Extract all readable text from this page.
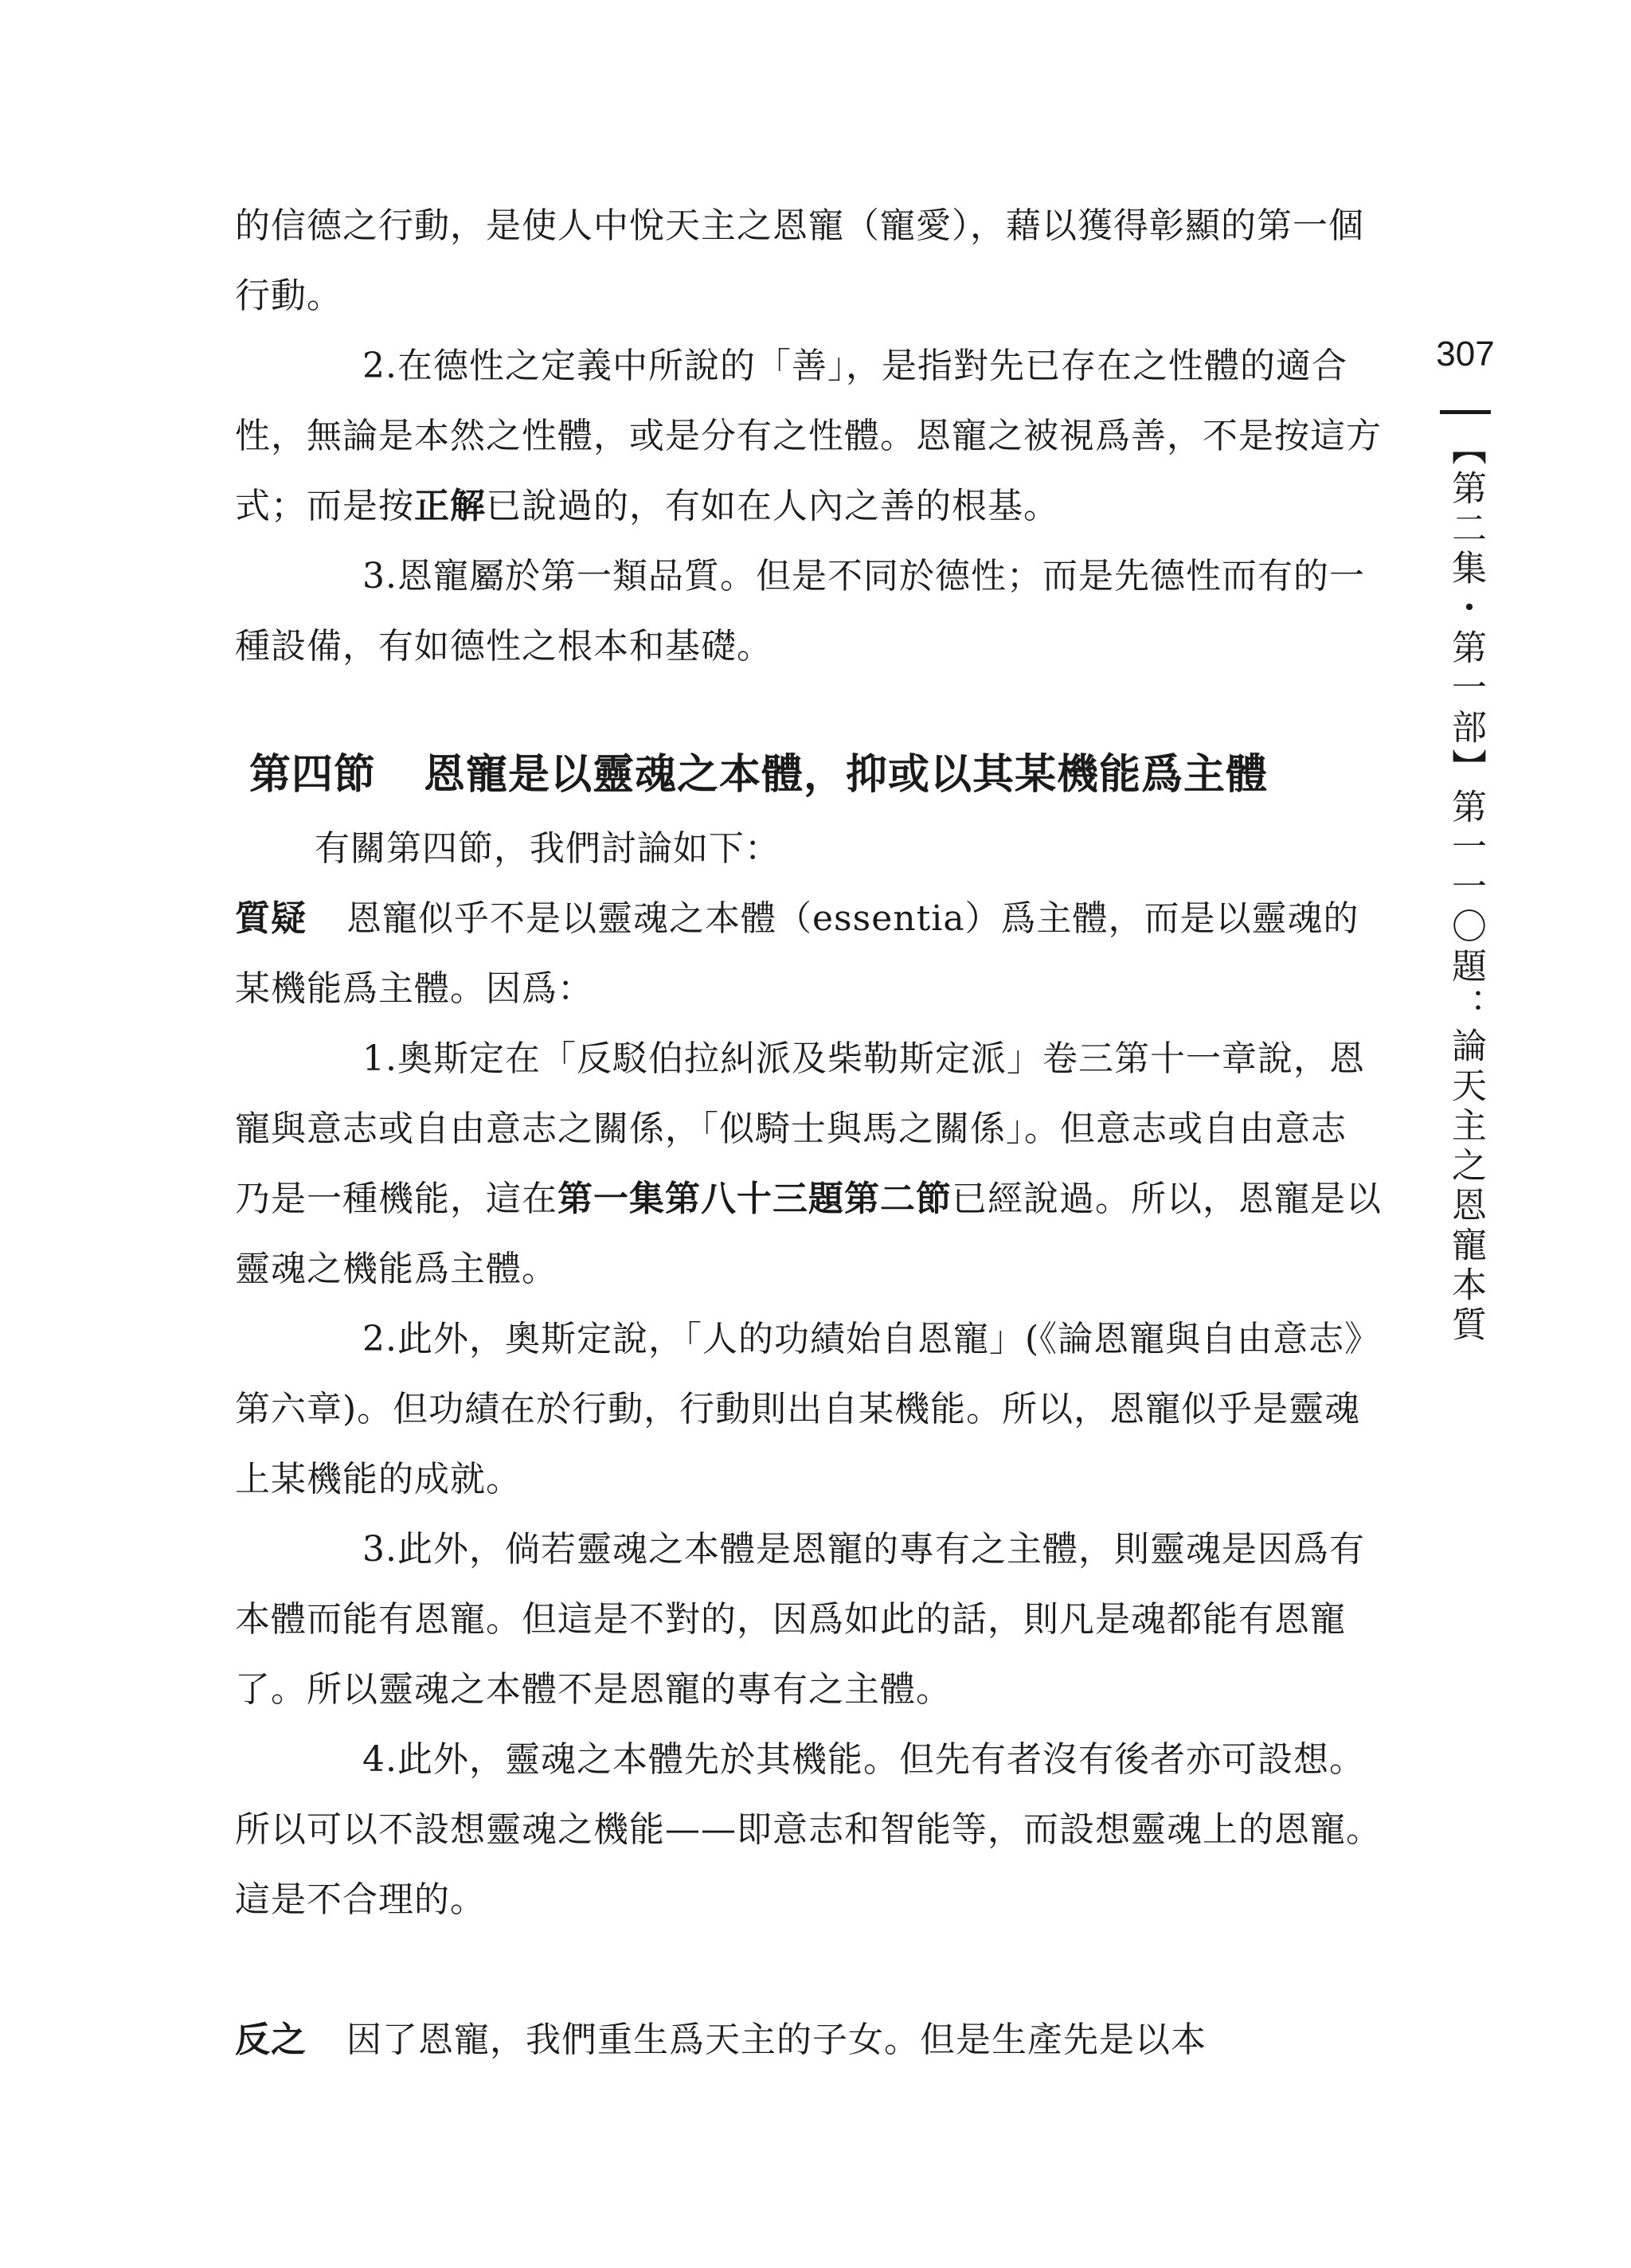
307
【第二集・第一部】第一一〇題：論天主之恩寵本質

的信德之行動，是使人中悅天主之恩寵（寵愛），藉以獲得彰顯的第一個行動。

2.在德性之定義中所說的「善」，是指對先已存在之性體的適合性，無論是本然之性體，或是分有之性體。恩寵之被視爲善，不是按這方式；而是按正解已說過的，有如在人內之善的根基。

3.恩寵屬於第一類品質。但是不同於德性；而是先德性而有的一種設備，有如德性之根本和基礎。

第四節 恩寵是以靈魂之本體，抑或以其某機能爲主體

有關第四節，我們討論如下：

質疑 恩寵似乎不是以靈魂之本體（essentia）爲主體，而是以靈魂的某機能爲主體。因爲：

1.奧斯定在「反駁伯拉糾派及柴勒斯定派」卷三第十一章說，恩寵與意志或自由意志之關係，「似騎士與馬之關係」。但意志或自由意志乃是一種機能，這在第一集第八十三題第二節已經說過。所以，恩寵是以靈魂之機能爲主體。

2.此外，奧斯定說，「人的功績始自恩寵」(《論恩寵與自由意志》第六章)。但功績在於行動，行動則出自某機能。所以，恩寵似乎是靈魂上某機能的成就。

3.此外，倘若靈魂之本體是恩寵的專有之主體，則靈魂是因爲有本體而能有恩寵。但這是不對的，因爲如此的話，則凡是魂都能有恩寵了。所以靈魂之本體不是恩寵的專有之主體。

4.此外，靈魂之本體先於其機能。但先有者沒有後者亦可設想。所以可以不設想靈魂之機能——即意志和智能等，而設想靈魂上的恩寵。這是不合理的。

反之 因了恩寵，我們重生爲天主的子女。但是生產先是以本
